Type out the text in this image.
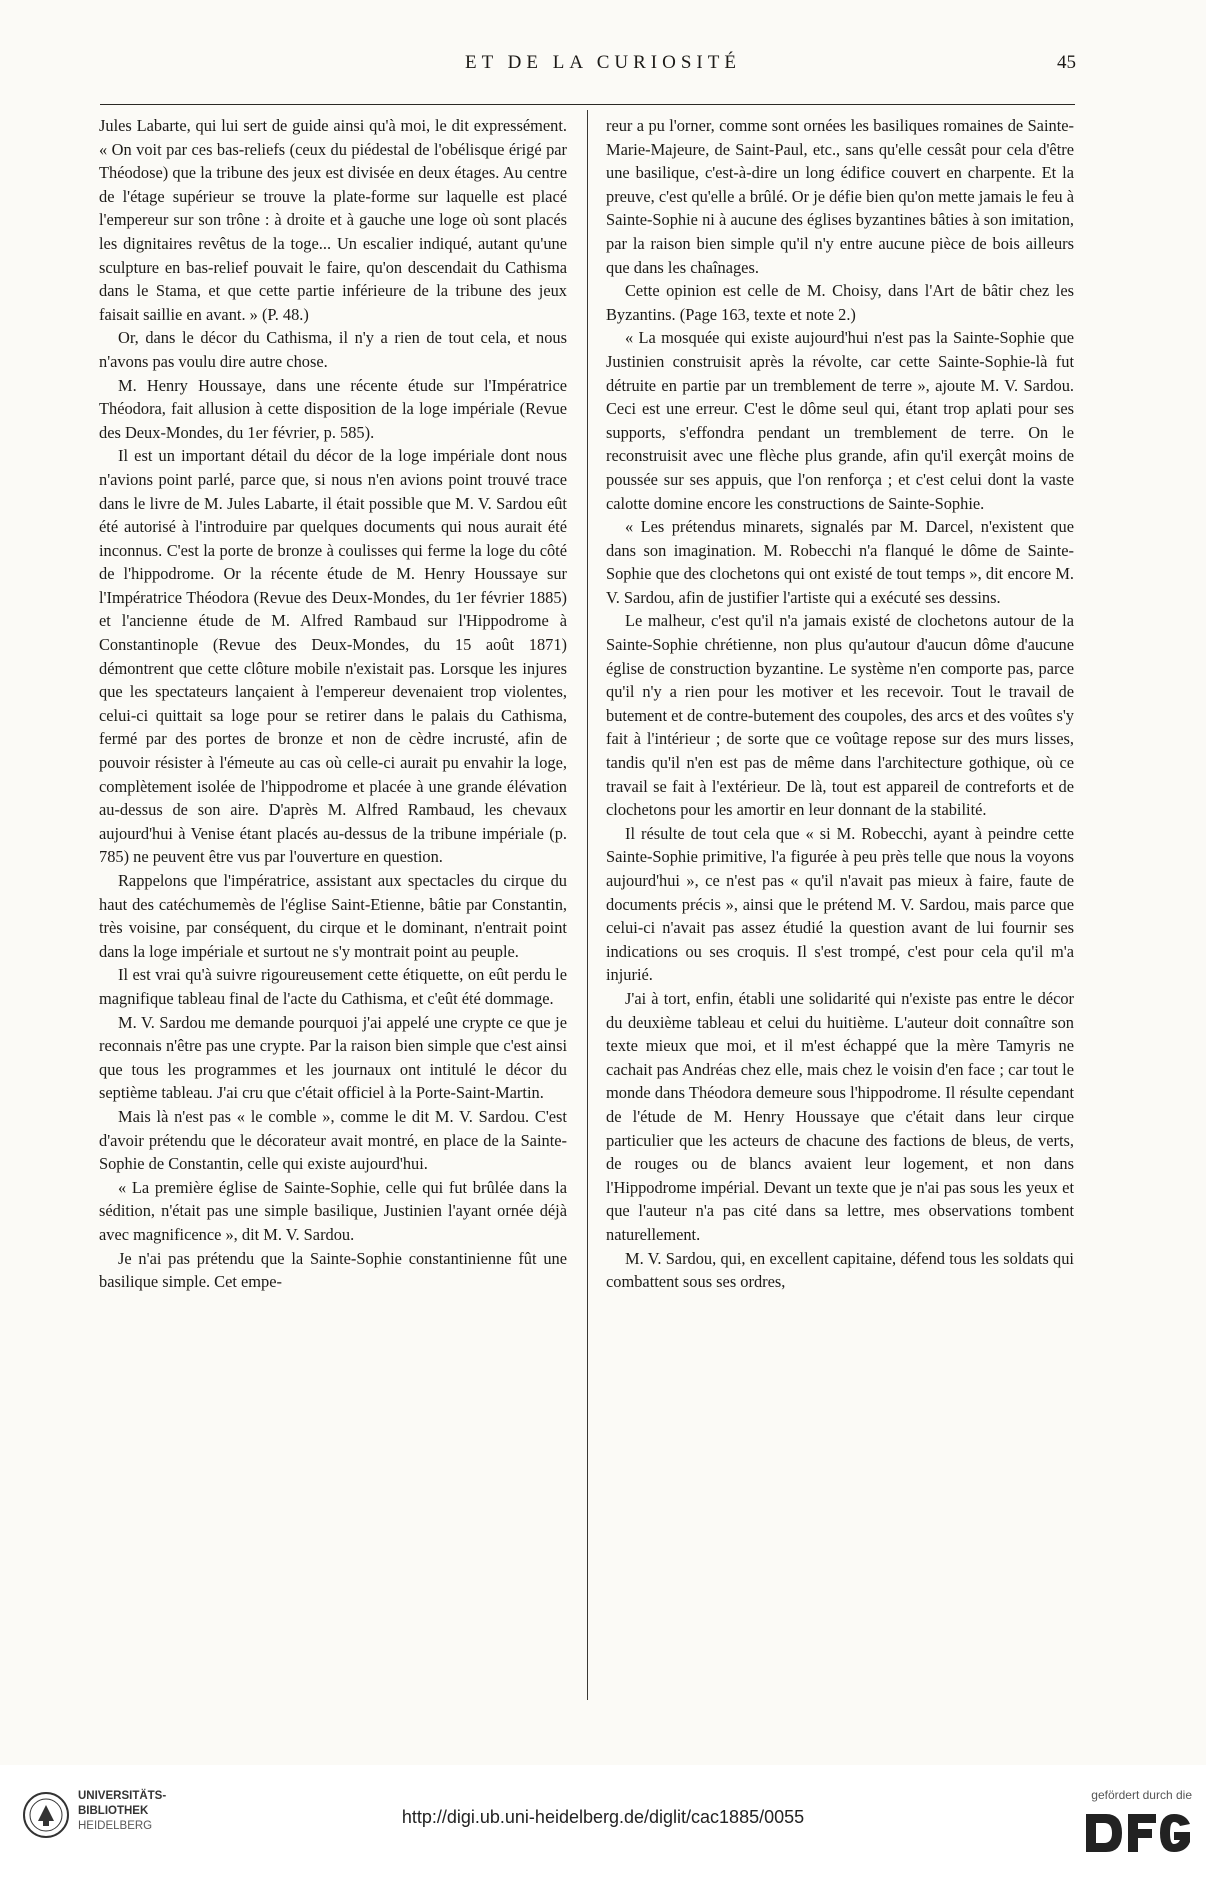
ET DE LA CURIOSITÉ	45

Jules Labarte, qui lui sert de guide ainsi qu'à moi, le dit expressément. « On voit par ces bas-reliefs (ceux du piédestal de l'obélisque érigé par Théodose) que la tribune des jeux est divisée en deux étages. Au centre de l'étage supérieur se trouve la plate-forme sur laquelle est placé l'empereur sur son trône : à droite et à gauche une loge où sont placés les dignitaires revêtus de la toge... Un escalier indiqué, autant qu'une sculpture en bas-relief pouvait le faire, qu'on descendait du Cathisma dans le Stama, et que cette partie inférieure de la tribune des jeux faisait saillie en avant. » (P. 48.)

Or, dans le décor du Cathisma, il n'y a rien de tout cela, et nous n'avons pas voulu dire autre chose.

M. Henry Houssaye, dans une récente étude sur l'Impératrice Théodora, fait allusion à cette disposition de la loge impériale (Revue des Deux-Mondes, du 1er février, p. 585).

Il est un important détail du décor de la loge impériale dont nous n'avions point parlé, parce que, si nous n'en avions point trouvé trace dans le livre de M. Jules Labarte, il était possible que M. V. Sardou eût été autorisé à l'introduire par quelques documents qui nous aurait été inconnus. C'est la porte de bronze à coulisses qui ferme la loge du côté de l'hippodrome. Or la récente étude de M. Henry Houssaye sur l'Impératrice Théodora (Revue des Deux-Mondes, du 1er février 1885) et l'ancienne étude de M. Alfred Rambaud sur l'Hippodrome à Constantinople (Revue des Deux-Mondes, du 15 août 1871) démontrent que cette clôture mobile n'existait pas. Lorsque les injures que les spectateurs lançaient à l'empereur devenaient trop violentes, celui-ci quittait sa loge pour se retirer dans le palais du Cathisma, fermé par des portes de bronze et non de cèdre incrusté, afin de pouvoir résister à l'émeute au cas où celle-ci aurait pu envahir la loge, complètement isolée de l'hippodrome et placée à une grande élévation au-dessus de son aire. D'après M. Alfred Rambaud, les chevaux aujourd'hui à Venise étant placés au-dessus de la tribune impériale (p. 785) ne peuvent être vus par l'ouverture en question.

Rappelons que l'impératrice, assistant aux spectacles du cirque du haut des catéchumemès de l'église Saint-Etienne, bâtie par Constantin, très voisine, par conséquent, du cirque et le dominant, n'entrait point dans la loge impériale et surtout ne s'y montrait point au peuple.

Il est vrai qu'à suivre rigoureusement cette étiquette, on eût perdu le magnifique tableau final de l'acte du Cathisma, et c'eût été dommage.

M. V. Sardou me demande pourquoi j'ai appelé une crypte ce que je reconnais n'être pas une crypte. Par la raison bien simple que c'est ainsi que tous les programmes et les journaux ont intitulé le décor du septième tableau. J'ai cru que c'était officiel à la Porte-Saint-Martin.

Mais là n'est pas « le comble », comme le dit M. V. Sardou. C'est d'avoir prétendu que le décorateur avait montré, en place de la Sainte-Sophie de Constantin, celle qui existe aujourd'hui.

« La première église de Sainte-Sophie, celle qui fut brûlée dans la sédition, n'était pas une simple basilique, Justinien l'ayant ornée déjà avec magnificence », dit M. V. Sardou.

Je n'ai pas prétendu que la Sainte-Sophie constantinienne fût une basilique simple. Cet empe-

reur a pu l'orner, comme sont ornées les basiliques romaines de Sainte-Marie-Majeure, de Saint-Paul, etc., sans qu'elle cessât pour cela d'être une basilique, c'est-à-dire un long édifice couvert en charpente. Et la preuve, c'est qu'elle a brûlé. Or je défie bien qu'on mette jamais le feu à Sainte-Sophie ni à aucune des églises byzantines bâties à son imitation, par la raison bien simple qu'il n'y entre aucune pièce de bois ailleurs que dans les chaînages.

Cette opinion est celle de M. Choisy, dans l'Art de bâtir chez les Byzantins. (Page 163, texte et note 2.)

« La mosquée qui existe aujourd'hui n'est pas la Sainte-Sophie que Justinien construisit après la révolte, car cette Sainte-Sophie-là fut détruite en partie par un tremblement de terre », ajoute M. V. Sardou. Ceci est une erreur. C'est le dôme seul qui, étant trop aplati pour ses supports, s'effondra pendant un tremblement de terre. On le reconstruisit avec une flèche plus grande, afin qu'il exerçât moins de poussée sur ses appuis, que l'on renforça ; et c'est celui dont la vaste calotte domine encore les constructions de Sainte-Sophie.

« Les prétendus minarets, signalés par M. Darcel, n'existent que dans son imagination. M. Robecchi n'a flanqué le dôme de Sainte-Sophie que des clochetons qui ont existé de tout temps », dit encore M. V. Sardou, afin de justifier l'artiste qui a exécuté ses dessins.

Le malheur, c'est qu'il n'a jamais existé de clochetons autour de la Sainte-Sophie chrétienne, non plus qu'autour d'aucun dôme d'aucune église de construction byzantine. Le système n'en comporte pas, parce qu'il n'y a rien pour les motiver et les recevoir. Tout le travail de butement et de contre-butement des coupoles, des arcs et des voûtes s'y fait à l'intérieur ; de sorte que ce voûtage repose sur des murs lisses, tandis qu'il n'en est pas de même dans l'architecture gothique, où ce travail se fait à l'extérieur. De là, tout est appareil de contreforts et de clochetons pour les amortir en leur donnant de la stabilité.

Il résulte de tout cela que « si M. Robecchi, ayant à peindre cette Sainte-Sophie primitive, l'a figurée à peu près telle que nous la voyons aujourd'hui », ce n'est pas « qu'il n'avait pas mieux à faire, faute de documents précis », ainsi que le prétend M. V. Sardou, mais parce que celui-ci n'avait pas assez étudié la question avant de lui fournir ses indications ou ses croquis. Il s'est trompé, c'est pour cela qu'il m'a injurié.

J'ai à tort, enfin, établi une solidarité qui n'existe pas entre le décor du deuxième tableau et celui du huitième. L'auteur doit connaître son texte mieux que moi, et il m'est échappé que la mère Tamyris ne cachait pas Andréas chez elle, mais chez le voisin d'en face ; car tout le monde dans Théodora demeure sous l'hippodrome. Il résulte cependant de l'étude de M. Henry Houssaye que c'était dans leur cirque particulier que les acteurs de chacune des factions de bleus, de verts, de rouges ou de blancs avaient leur logement, et non dans l'Hippodrome impérial. Devant un texte que je n'ai pas sous les yeux et que l'auteur n'a pas cité dans sa lettre, mes observations tombent naturellement.

M. V. Sardou, qui, en excellent capitaine, défend tous les soldats qui combattent sous ses ordres,

UNIVERSITÄTS-
BIBLIOTHEK
HEIDELBERG	http://digi.ub.uni-heidelberg.de/diglit/cac1885/0055
gefördert durch die
